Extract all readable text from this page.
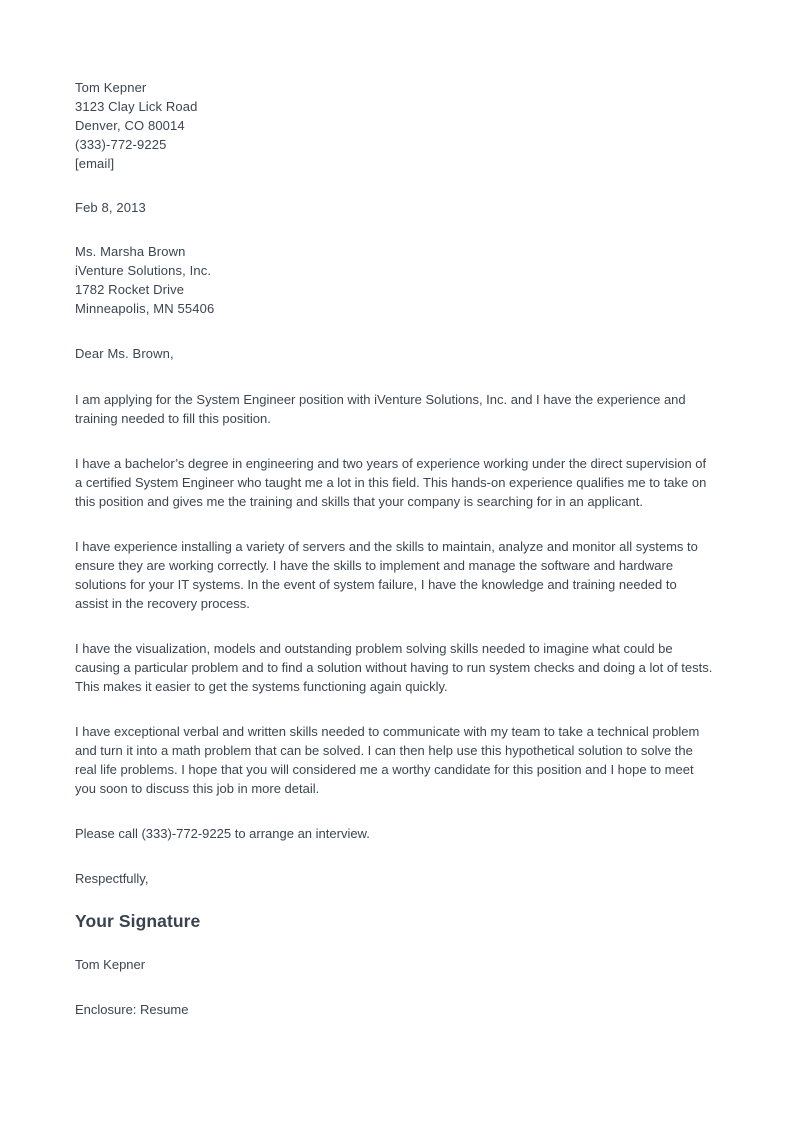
Tom Kepner
3123 Clay Lick Road
Denver, CO 80014
(333)-772-9225
[email]
Feb 8, 2013
Ms. Marsha Brown
iVenture Solutions, Inc.
1782 Rocket Drive
Minneapolis, MN 55406
Dear Ms. Brown,

I am applying for the System Engineer position with iVenture Solutions, Inc. and I have the experience and training needed to fill this position.

I have a bachelor’s degree in engineering and two years of experience working under the direct supervision of a certified System Engineer who taught me a lot in this field. This hands-on experience qualifies me to take on this position and gives me the training and skills that your company is searching for in an applicant.

I have experience installing a variety of servers and the skills to maintain, analyze and monitor all systems to ensure they are working correctly. I have the skills to implement and manage the software and hardware solutions for your IT systems. In the event of system failure, I have the knowledge and training needed to assist in the recovery process.

I have the visualization, models and outstanding problem solving skills needed to imagine what could be causing a particular problem and to find a solution without having to run system checks and doing a lot of tests. This makes it easier to get the systems functioning again quickly.

I have exceptional verbal and written skills needed to communicate with my team to take a technical problem and turn it into a math problem that can be solved. I can then help use this hypothetical solution to solve the real life problems. I hope that you will considered me a worthy candidate for this position and I hope to meet you soon to discuss this job in more detail.

Please call (333)-772-9225 to arrange an interview.
Respectfully,
Your Signature
Tom Kepner
Enclosure: Resume
